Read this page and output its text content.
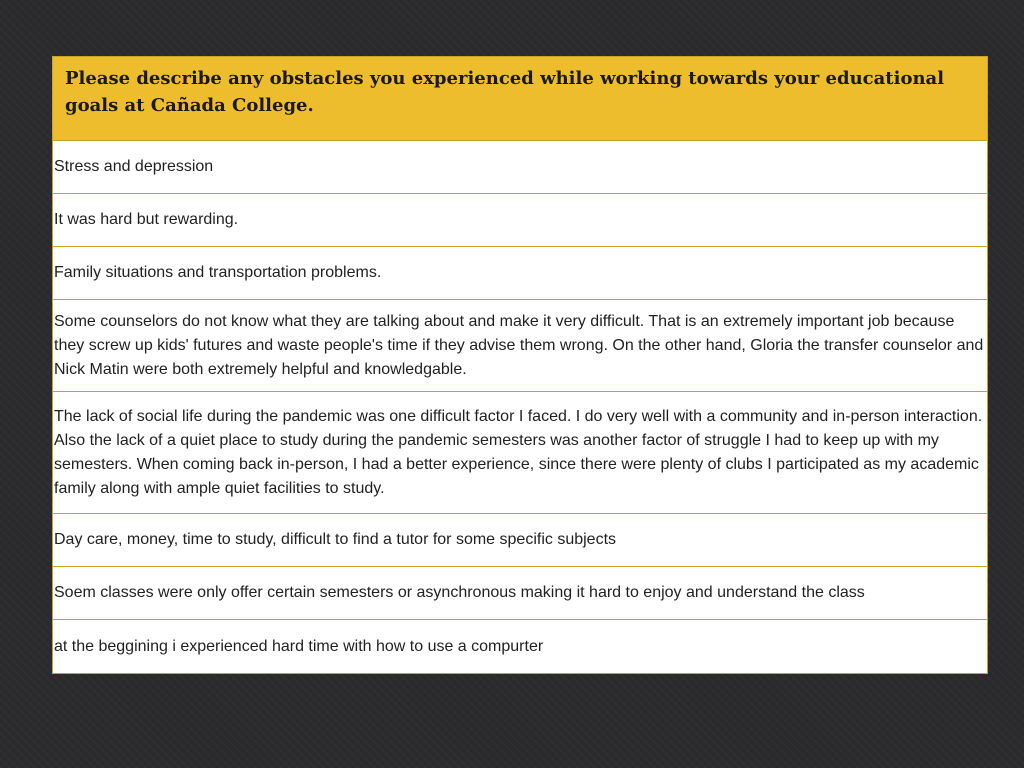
Please describe any obstacles you experienced while working towards your educational goals at Cañada College.
Stress and depression
It was hard but rewarding.
Family situations and transportation problems.
Some counselors do not know what they are talking about and make it very difficult. That is an extremely important job because they screw up kids' futures and waste people's time if they advise them wrong. On the other hand, Gloria the transfer counselor and Nick Matin were both extremely helpful and knowledgable.
The lack of social life during the pandemic was one difficult factor I faced. I do very well with a community and in-person interaction. Also the lack of a quiet place to study during the pandemic semesters was another factor of struggle I had to keep up with my semesters. When coming back in-person, I had a better experience, since there were plenty of clubs I participated as my academic family along with ample quiet facilities to study.
Day care, money, time to study, difficult to find a tutor for some specific subjects
Soem classes were only offer certain semesters or asynchronous making it hard to enjoy and understand the class
at the beggining i experienced hard time with how to use a compurter
